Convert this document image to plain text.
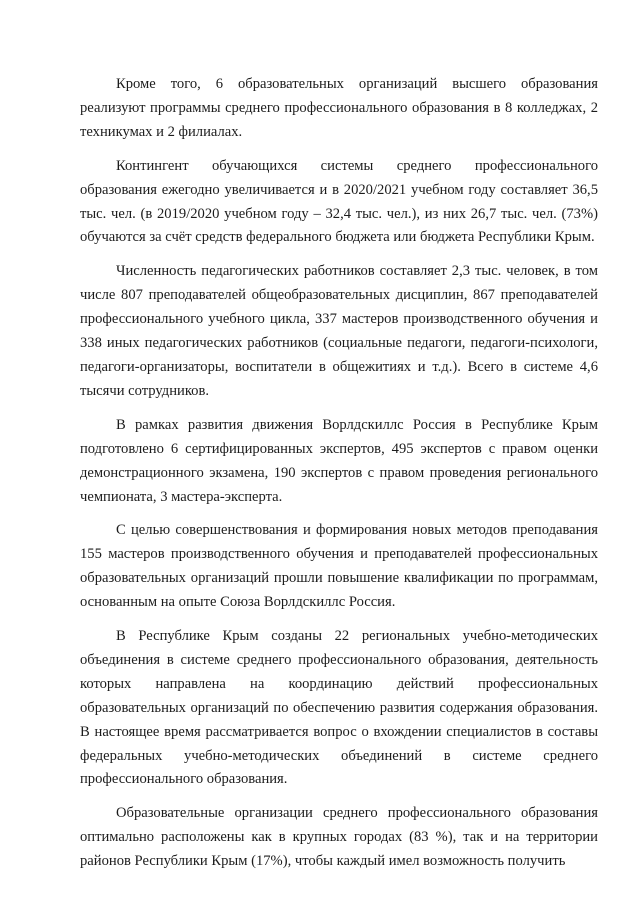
Кроме того, 6 образовательных организаций высшего образования реализуют программы среднего профессионального образования в 8 колледжах, 2 техникумах и 2 филиалах.

Контингент обучающихся системы среднего профессионального образования ежегодно увеличивается и в 2020/2021 учебном году составляет 36,5 тыс. чел. (в 2019/2020 учебном году – 32,4 тыс. чел.), из них 26,7 тыс. чел. (73%) обучаются за счёт средств федерального бюджета или бюджета Республики Крым.

Численность педагогических работников составляет 2,3 тыс. человек, в том числе 807 преподавателей общеобразовательных дисциплин, 867 преподавателей профессионального учебного цикла, 337 мастеров производственного обучения и 338 иных педагогических работников (социальные педагоги, педагоги-психологи, педагоги-организаторы, воспитатели в общежитиях и т.д.). Всего в системе 4,6 тысячи сотрудников.

В рамках развития движения Ворлдскиллс Россия в Республике Крым подготовлено 6 сертифицированных экспертов, 495 экспертов с правом оценки демонстрационного экзамена, 190 экспертов с правом проведения регионального чемпионата, 3 мастера-эксперта.

С целью совершенствования и формирования новых методов преподавания 155 мастеров производственного обучения и преподавателей профессиональных образовательных организаций прошли повышение квалификации по программам, основанным на опыте Союза Ворлдскиллс Россия.

В Республике Крым созданы 22 региональных учебно-методических объединения в системе среднего профессионального образования, деятельность которых направлена на координацию действий профессиональных образовательных организаций по обеспечению развития содержания образования. В настоящее время рассматривается вопрос о вхождении специалистов в составы федеральных учебно-методических объединений в системе среднего профессионального образования.

Образовательные организации среднего профессионального образования оптимально расположены как в крупных городах (83 %), так и на территории районов Республики Крым (17%), чтобы каждый имел возможность получить
